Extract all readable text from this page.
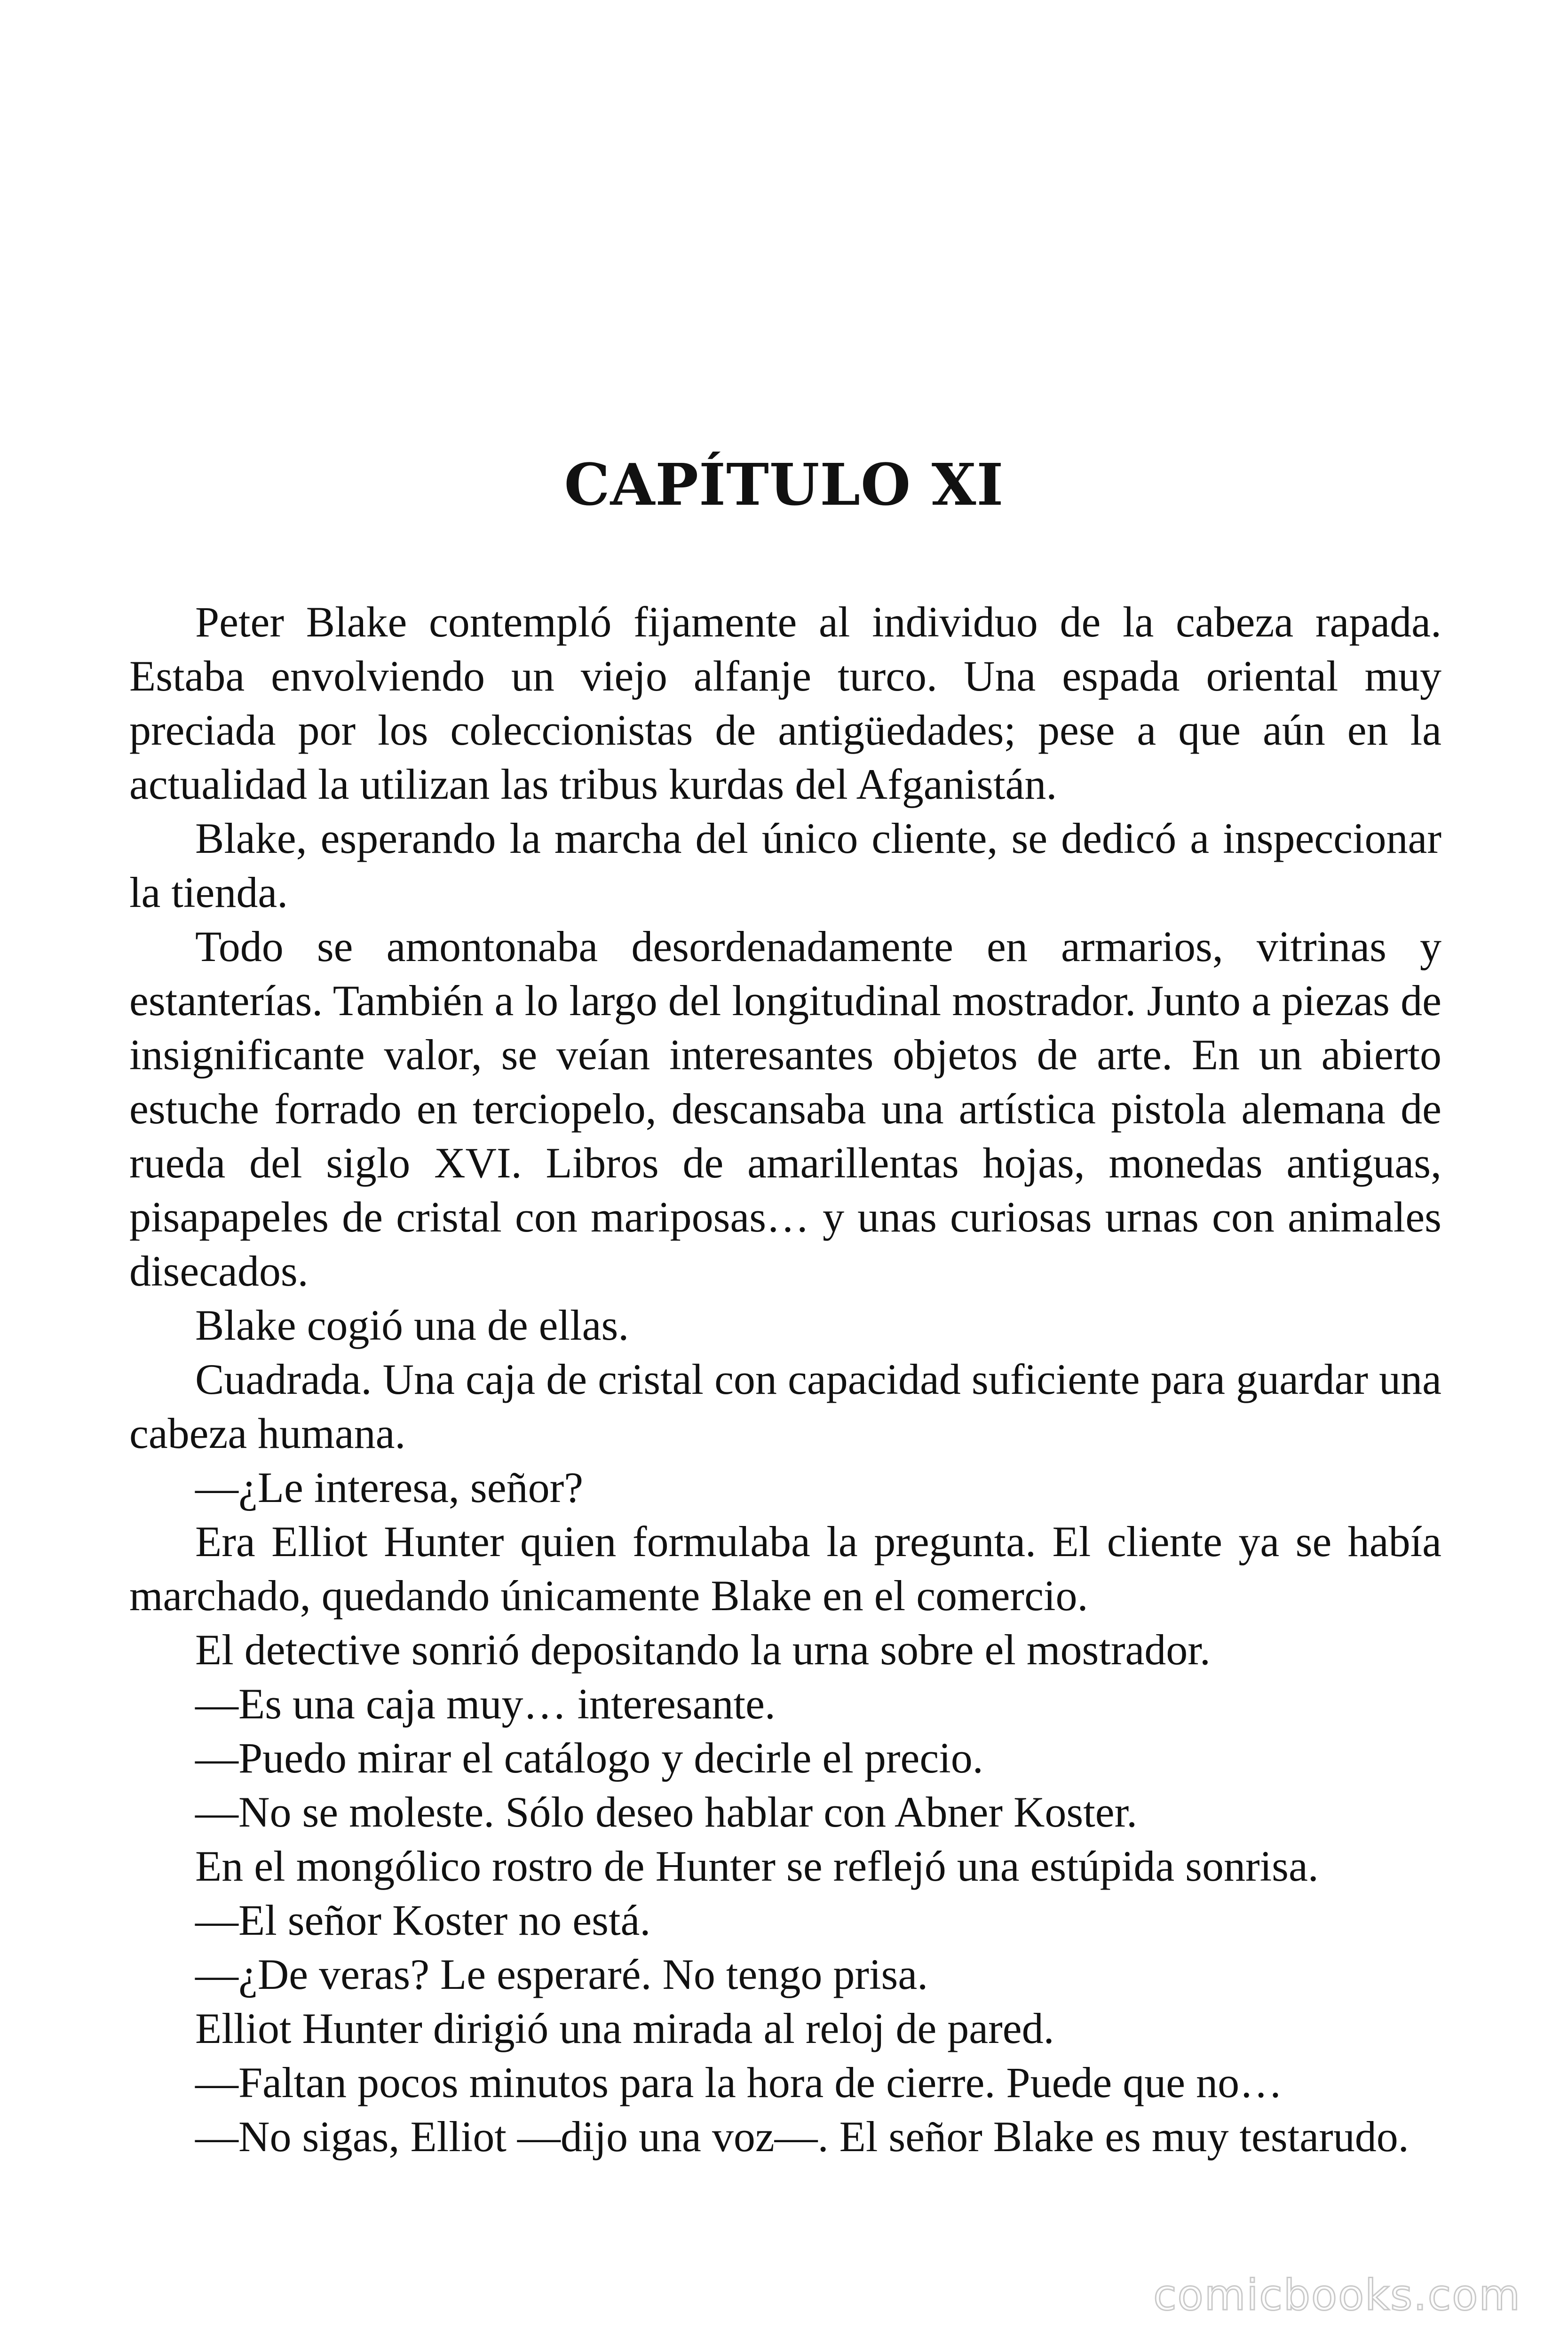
CAPÍTULO XI

Peter Blake contempló fijamente al individuo de la cabeza rapada. Estaba envolviendo un viejo alfanje turco. Una espada oriental muy preciada por los coleccionistas de antigüedades; pese a que aún en la actualidad la utilizan las tribus kurdas del Afganistán.

Blake, esperando la marcha del único cliente, se dedicó a inspeccionar la tienda.

Todo se amontonaba desordenadamente en armarios, vitrinas y estanterías. También a lo largo del longitudinal mostrador. Junto a piezas de insignificante valor, se veían interesantes objetos de arte. En un abierto estuche forrado en terciopelo, descansaba una artística pistola alemana de rueda del siglo XVI. Libros de amarillentas hojas, monedas antiguas, pisapapeles de cristal con mariposas… y unas curiosas urnas con animales disecados.

Blake cogió una de ellas.

Cuadrada. Una caja de cristal con capacidad suficiente para guardar una cabeza humana.

—¿Le interesa, señor?

Era Elliot Hunter quien formulaba la pregunta. El cliente ya se había marchado, quedando únicamente Blake en el comercio.

El detective sonrió depositando la urna sobre el mostrador.

—Es una caja muy… interesante.

—Puedo mirar el catálogo y decirle el precio.

—No se moleste. Sólo deseo hablar con Abner Koster.

En el mongólico rostro de Hunter se reflejó una estúpida sonrisa.

—El señor Koster no está.

—¿De veras? Le esperaré. No tengo prisa.

Elliot Hunter dirigió una mirada al reloj de pared.

—Faltan pocos minutos para la hora de cierre. Puede que no…

—No sigas, Elliot —dijo una voz—. El señor Blake es muy testarudo.

comicbooks.com
